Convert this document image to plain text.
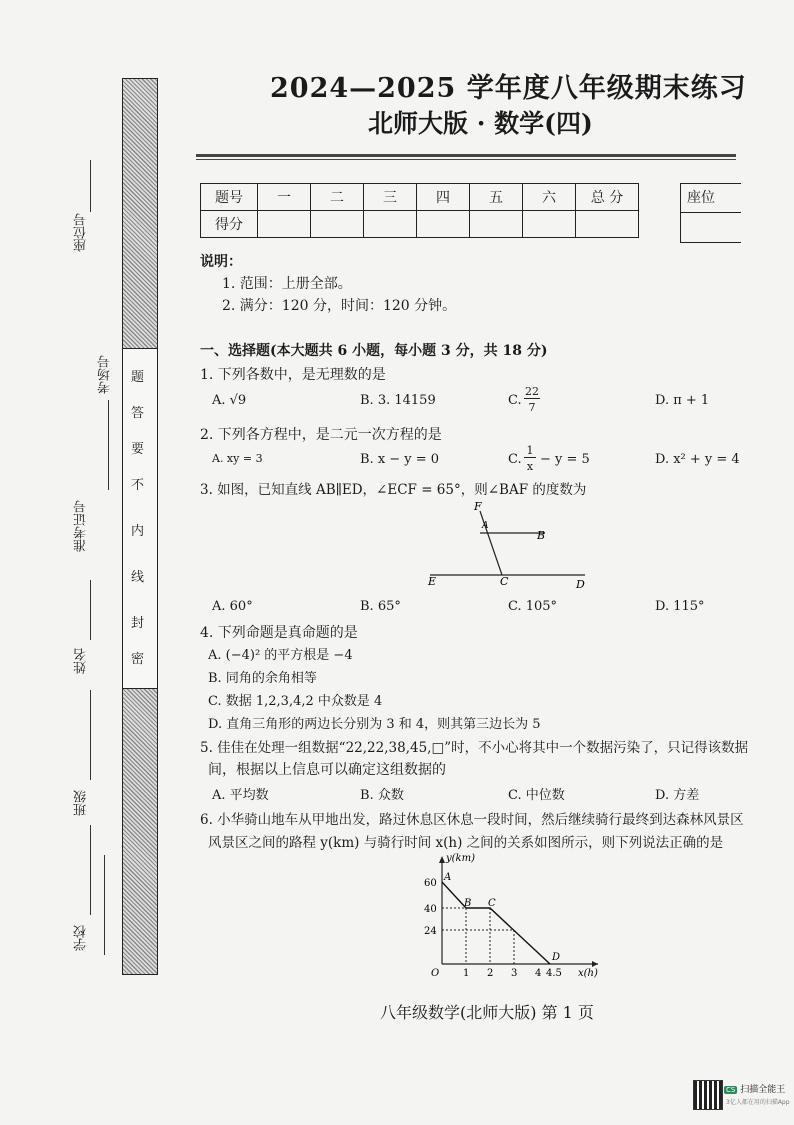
座位号
考场号
准考证号
姓名
班级
学校
题
答
要
不
内
线
封
密
2024—2025 学年度八年级期末练习
北师大版 · 数学(四)
题号	一	二	三	四	五	六	总 分
得分							
座位
说明：
1. 范围：上册全部。
2. 满分：120 分，时间：120 分钟。
一、选择题(本大题共 6 小题，每小题 3 分，共 18 分)
1. 下列各数中，是无理数的是
A. √9	B. 3. 14159	C.
22
7	D. π + 1
2. 下列各方程中，是二元一次方程的是
A. xy = 3	B. x − y = 0	C.
1
x − y = 5	D. x² + y = 4
3. 如图，已知直线 AB∥ED，∠ECF = 65°，则∠BAF 的度数为
F
A
B
E	C	D
A. 60°	B. 65°	C. 105°	D. 115°
4. 下列命题是真命题的是
A. (−4)² 的平方根是 −4
B. 同角的余角相等
C. 数据 1,2,3,4,2 中众数是 4
D. 直角三角形的两边长分别为 3 和 4，则其第三边长为 5
5. 佳佳在处理一组数据“22,22,38,45,□”时，不小心将其中一个数据污染了，只记得该数据
间，根据以上信息可以确定这组数据的
A. 平均数	B. 众数	C. 中位数	D. 方差
6. 小华骑山地车从甲地出发，路过休息区休息一段时间，然后继续骑行最终到达森林风景区
风景区之间的路程 y(km) 与骑行时间 x(h) 之间的关系如图所示，则下列说法正确的是
y(km)
x(h)
O
60
40
24
1 2 3 4 4.5
A
B C
D
八年级数学(北师大版) 第 1 页
CS 扫描全能王
3亿人都在用的扫描App
